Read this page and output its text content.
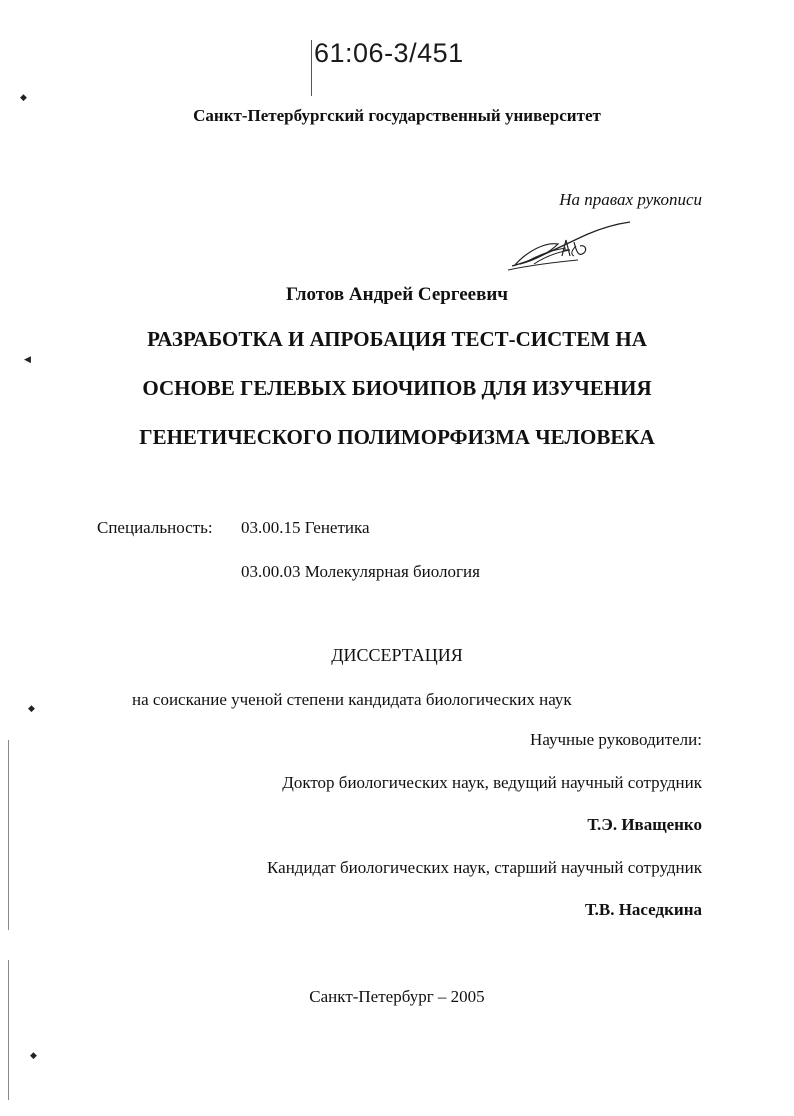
61:06-3/451
Санкт-Петербургский государственный университет
На правах рукописи
Глотов Андрей Сергеевич
РАЗРАБОТКА И АПРОБАЦИЯ ТЕСТ-СИСТЕМ НА
ОСНОВЕ ГЕЛЕВЫХ БИОЧИПОВ ДЛЯ ИЗУЧЕНИЯ
ГЕНЕТИЧЕСКОГО ПОЛИМОРФИЗМА ЧЕЛОВЕКА
Специальность: 03.00.15 Генетика
03.00.03 Молекулярная биология
ДИССЕРТАЦИЯ
на соискание ученой степени кандидата биологических наук
Научные руководители:
Доктор биологических наук, ведущий научный сотрудник
Т.Э. Иващенко
Кандидат биологических наук, старший научный сотрудник
Т.В. Наседкина
Санкт-Петербург – 2005
◆
◀
◆
◆
